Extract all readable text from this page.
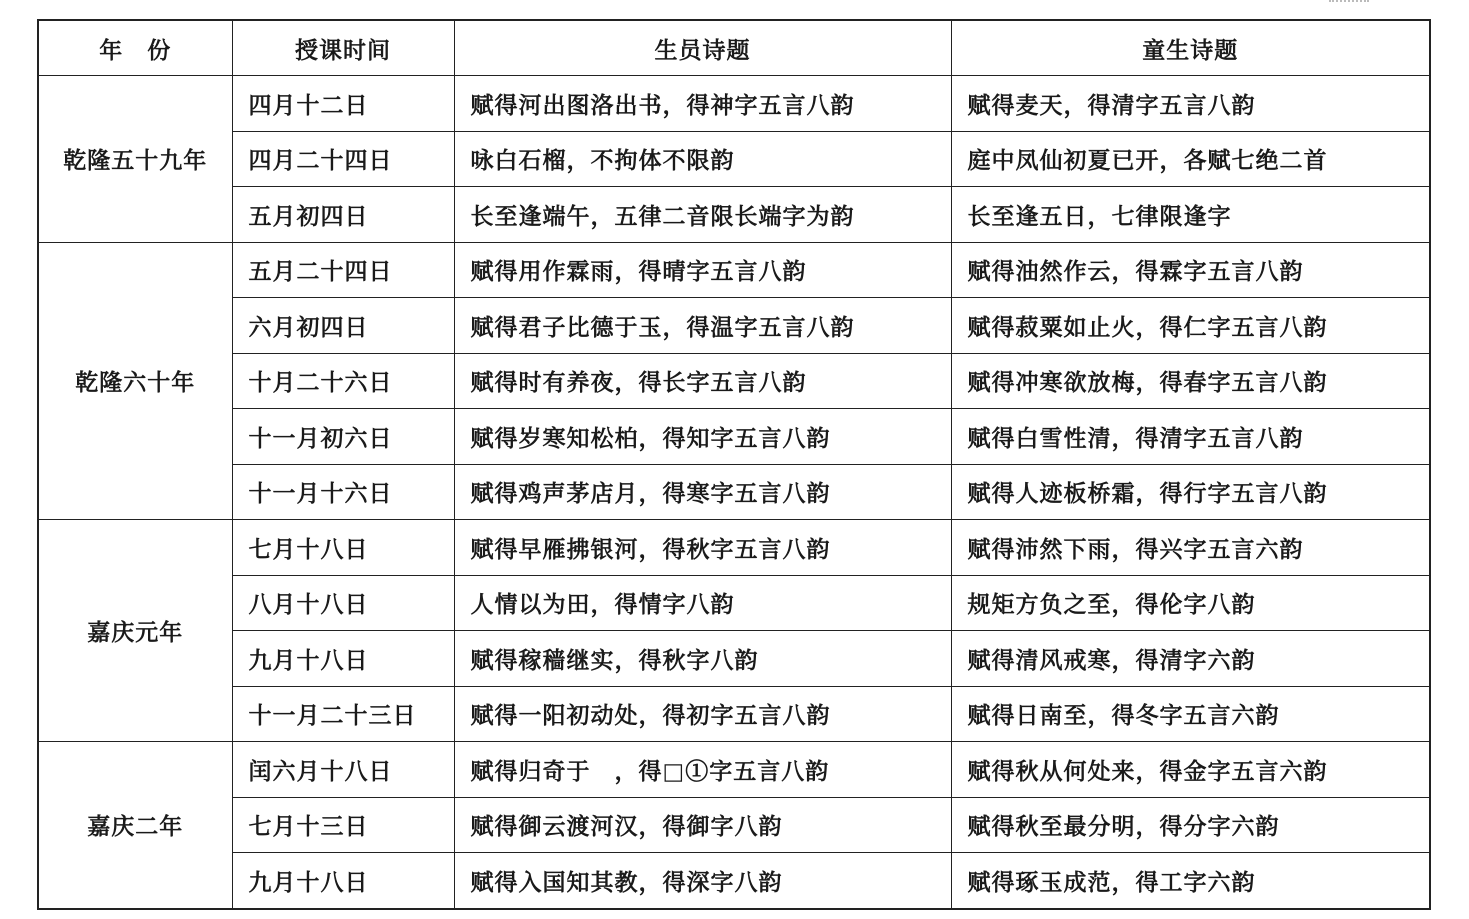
年　份	授课时间	生员诗题	童生诗题
乾隆五十九年	四月十二日	赋得河出图洛出书，得神字五言八韵	赋得麦天，得清字五言八韵
	四月二十四日	咏白石榴，不拘体不限韵	庭中凤仙初夏已开，各赋七绝二首
	五月初四日	长至逢端午，五律二音限长端字为韵	长至逢五日，七律限逢字
乾隆六十年	五月二十四日	赋得用作霖雨，得晴字五言八韵	赋得油然作云，得霖字五言八韵
	六月初四日	赋得君子比德于玉，得温字五言八韵	赋得菽粟如止火，得仁字五言八韵
	十月二十六日	赋得时有养夜，得长字五言八韵	赋得冲寒欲放梅，得春字五言八韵
	十一月初六日	赋得岁寒知松柏，得知字五言八韵	赋得白雪性清，得清字五言八韵
	十一月十六日	赋得鸡声茅店月，得寒字五言八韵	赋得人迹板桥霜，得行字五言八韵
嘉庆元年	七月十八日	赋得早雁拂银河，得秋字五言八韵	赋得沛然下雨，得兴字五言六韵
	八月十八日	人情以为田，得情字八韵	规矩方负之至，得伦字八韵
	九月十八日	赋得稼穑继实，得秋字八韵	赋得清风戒寒，得清字六韵
	十一月二十三日	赋得一阳初动处，得初字五言八韵	赋得日南至，得冬字五言六韵
嘉庆二年	闰六月十八日	赋得归奇于　，得□①字五言八韵	赋得秋从何处来，得金字五言六韵
	七月十三日	赋得御云渡河汉，得御字八韵	赋得秋至最分明，得分字六韵
	九月十八日	赋得入国知其教，得深字八韵	赋得琢玉成范，得工字六韵
